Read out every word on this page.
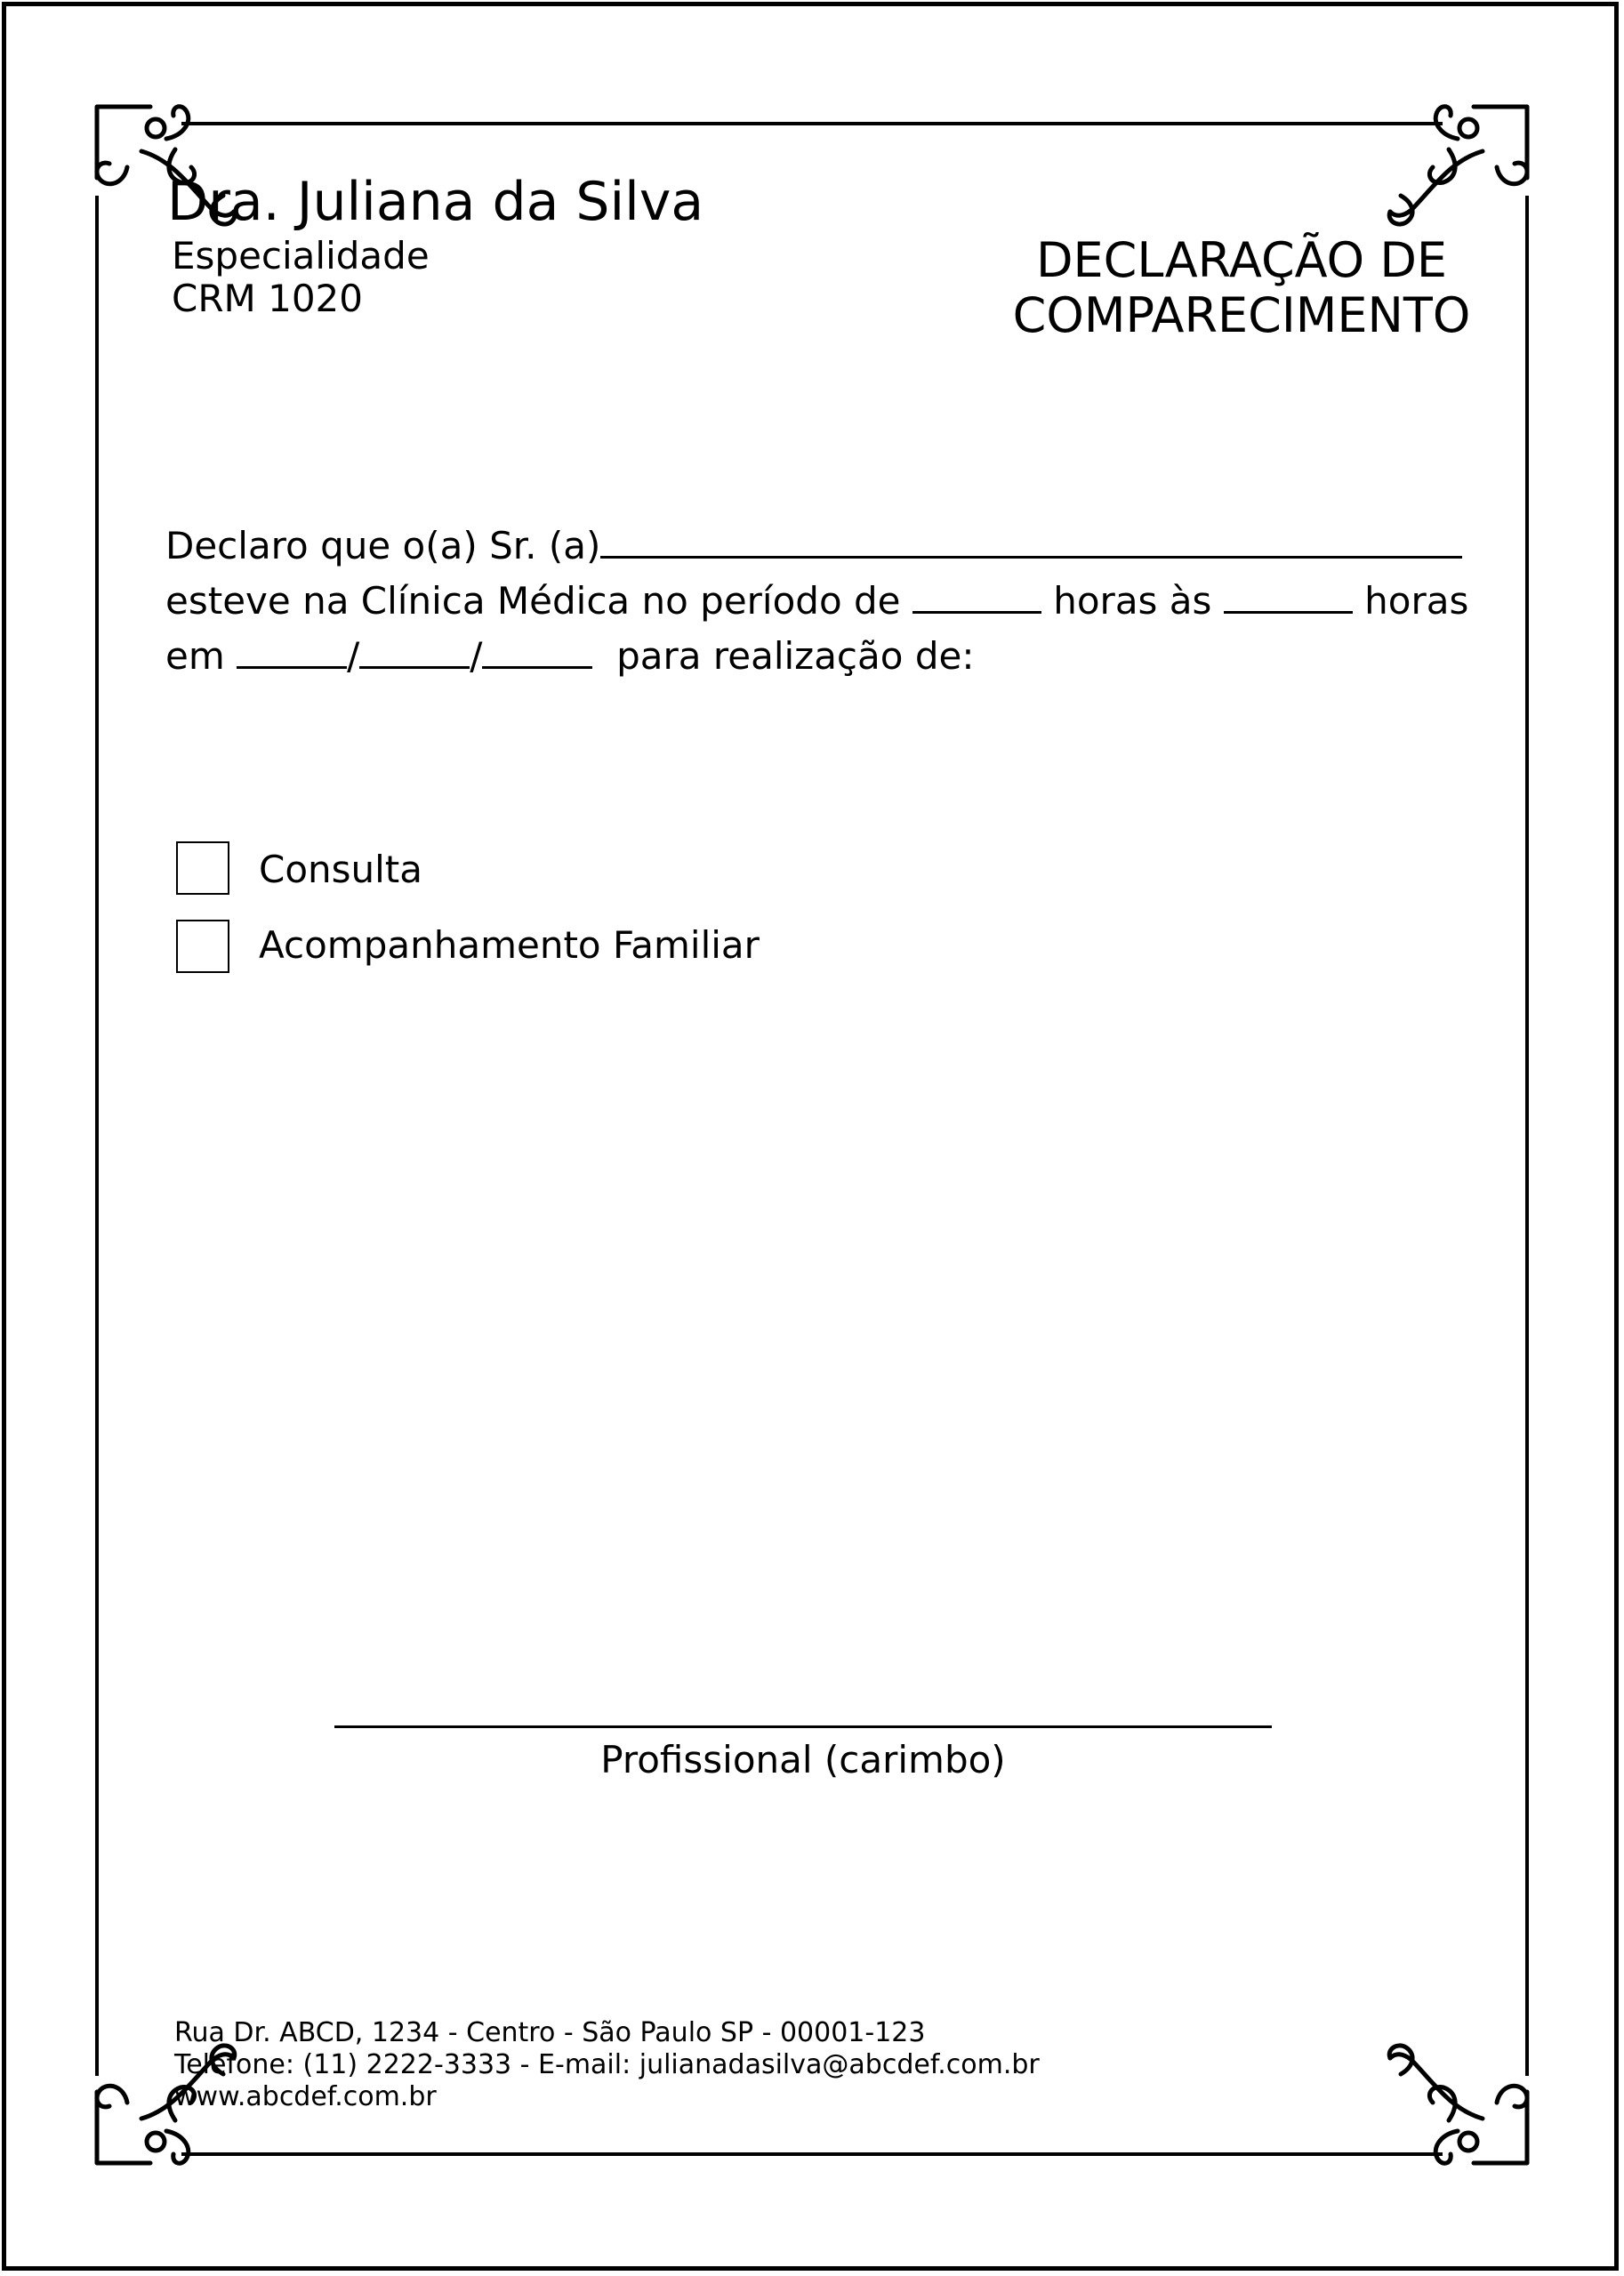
Dra. Juliana da Silva
Especialidade
CRM 1020
DECLARAÇÃO DE
COMPARECIMENTO
Declaro que o(a) Sr. (a)
esteve na Clínica Médica no período de	horas às	horas
em	/	/	para realização de:
Consulta
Acompanhamento Familiar
Profissional (carimbo)
Rua Dr. ABCD, 1234 - Centro - São Paulo SP - 00001-123
Telefone: (11) 2222-3333 - E-mail: julianadasilva@abcdef.com.br
www.abcdef.com.br
